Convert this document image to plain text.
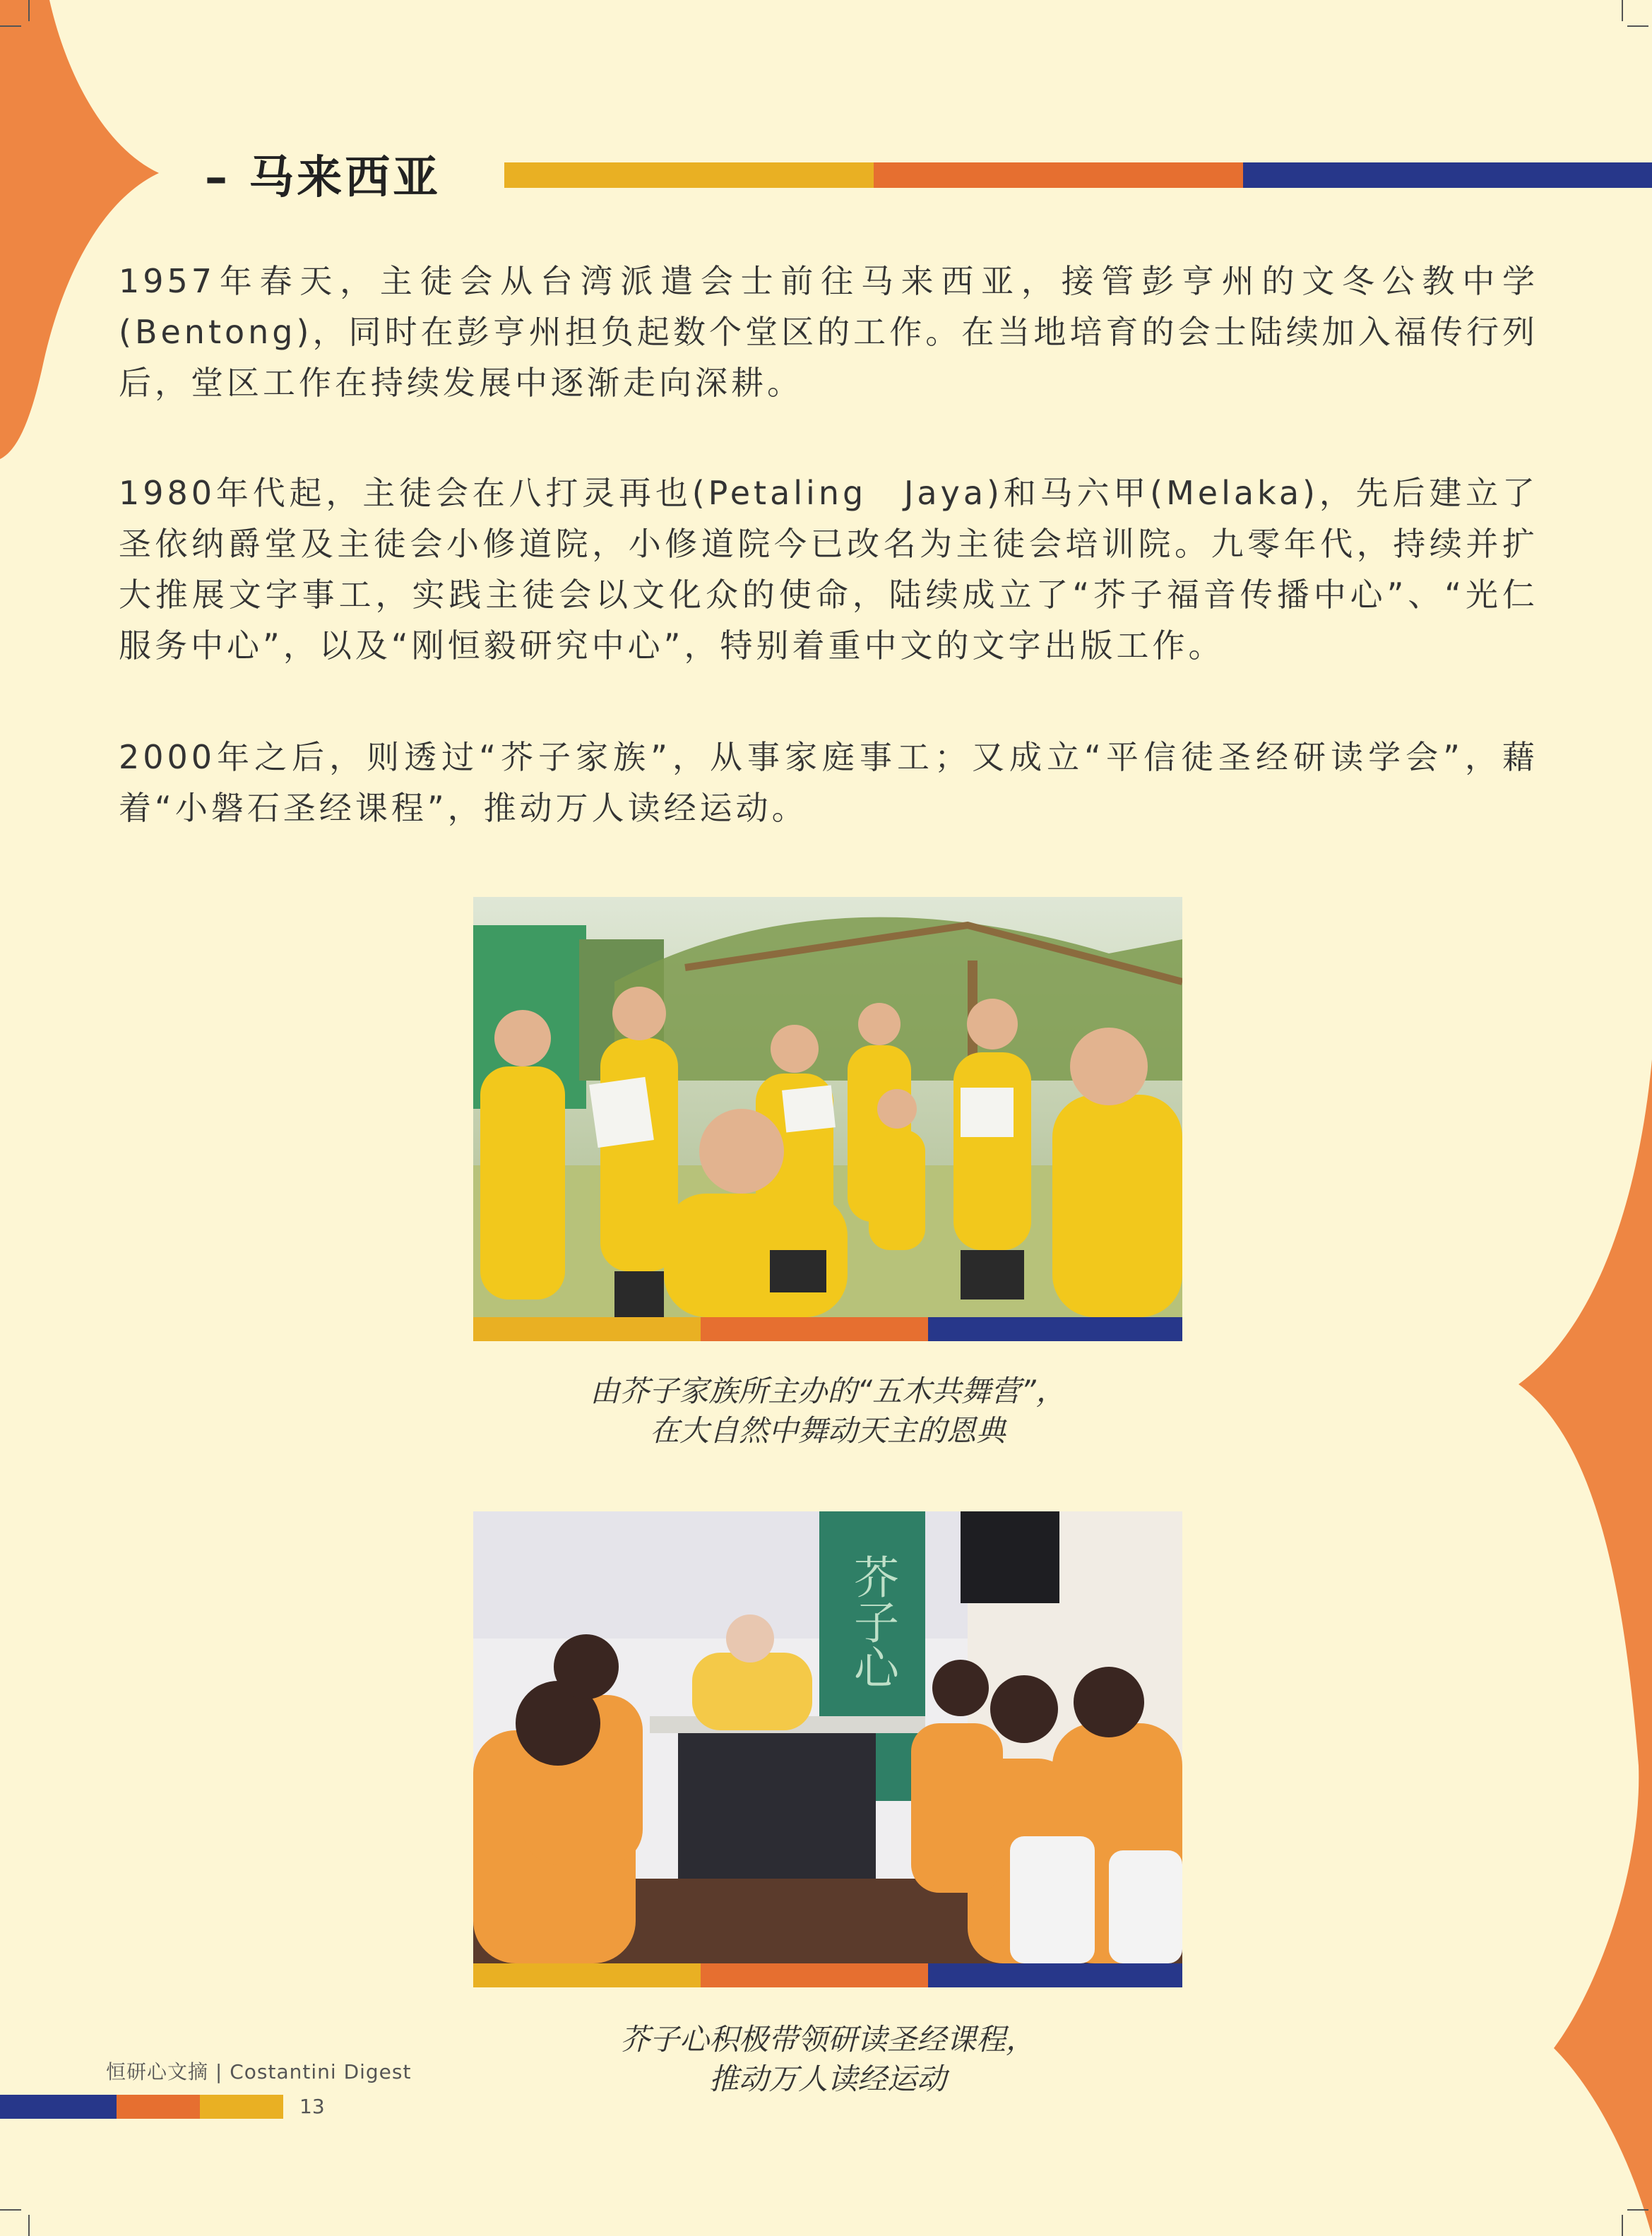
– 马来西亚

1957年春天，主徒会从台湾派遣会士前往马来西亚，接管彭亨州的文冬公教中学(Bentong)，同时在彭亨州担负起数个堂区的工作。在当地培育的会士陆续加入福传行列后，堂区工作在持续发展中逐渐走向深耕。

1980年代起，主徒会在八打灵再也(Petaling　Jaya)和马六甲(Melaka)，先后建立了圣依纳爵堂及主徒会小修道院，小修道院今已改名为主徒会培训院。九零年代，持续并扩大推展文字事工，实践主徒会以文化众的使命，陆续成立了“芥子福音传播中心”、“光仁服务中心”，以及“刚恒毅研究中心”，特别着重中文的文字出版工作。

2000年之后，则透过“芥子家族”，从事家庭事工；又成立“平信徒圣经研读学会”，藉着“小磐石圣经课程”，推动万人读经运动。

由芥子家族所主办的“五木共舞营”，
在大自然中舞动天主的恩典
芥子心
芥子心积极带领研读圣经课程，
推动万人读经运动
恒研心文摘 | Costantini Digest
13
